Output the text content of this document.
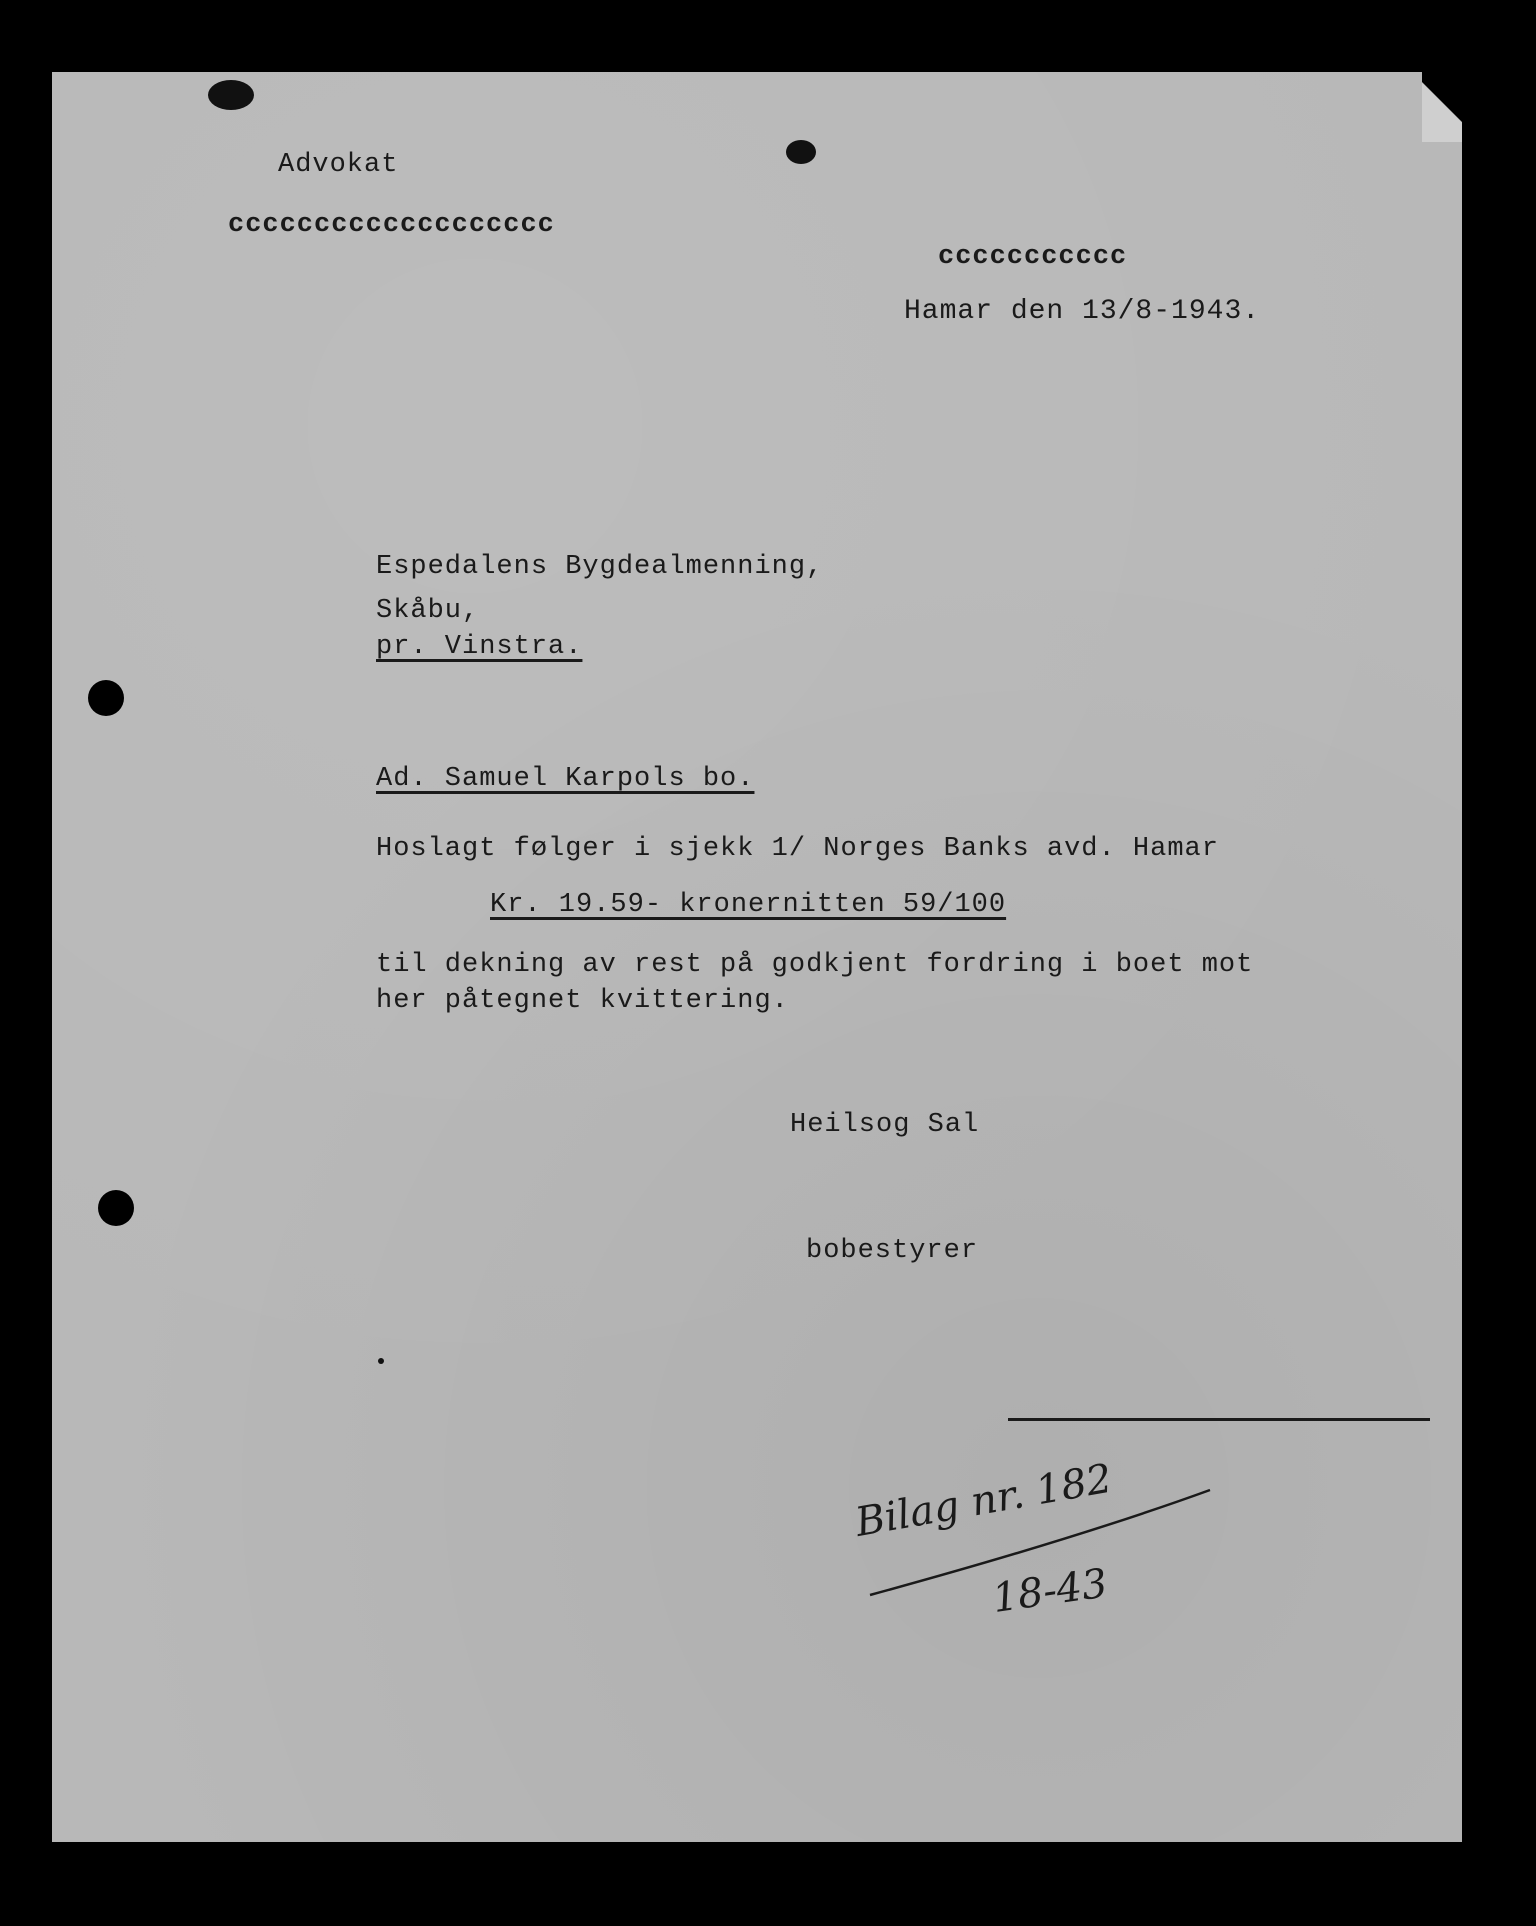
Advokat
ccccccccccccccccccc
ccccccccccc
Hamar den 13/8-1943.
Espedalens Bygdealmenning,
Skåbu,
pr. Vinstra.
Ad. Samuel Karpols bo.
Hoslagt følger i sjekk 1/ Norges Banks avd. Hamar
Kr. 19.59- kronernitten 59/100
til dekning av rest på godkjent fordring i boet mot
her påtegnet kvittering.
Heilsog Sal
bobestyrer
Bilag nr. 182
18-43
